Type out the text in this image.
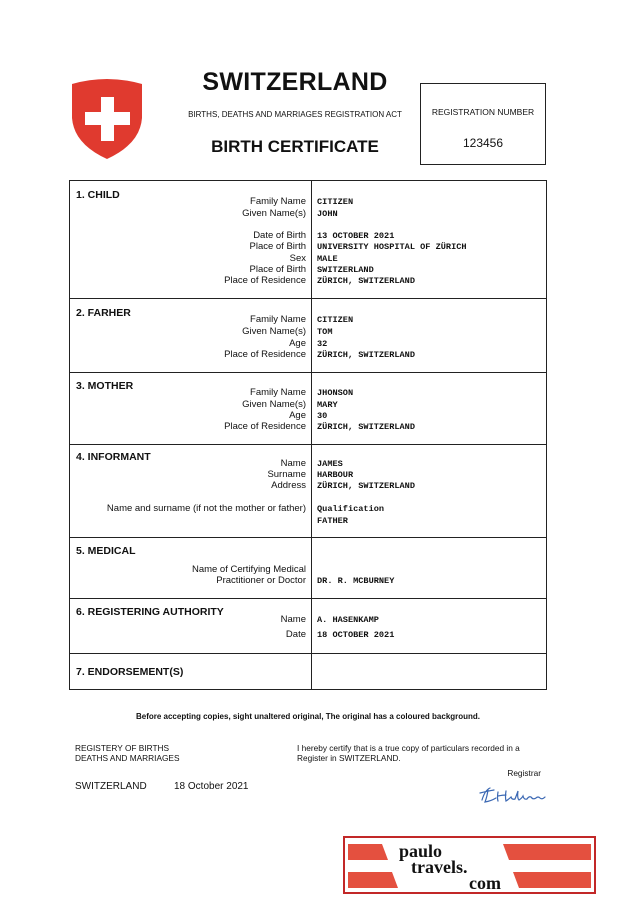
SWITZERLAND
BIRTHS, DEATHS AND MARRIAGES REGISTRATION ACT
BIRTH CERTIFICATE
REGISTRATION NUMBER
123456
1. CHILD
Family Name CITIZEN
Given Name(s) JOHN
Date of Birth 13 OCTOBER 2021
Place of Birth UNIVERSITY HOSPITAL OF ZÜRICH
Sex MALE
Place of Birth SWITZERLAND
Place of Residence ZÜRICH, SWITZERLAND
2. FARHER
Family Name CITIZEN
Given Name(s) TOM
Age 32
Place of Residence ZÜRICH, SWITZERLAND
3. MOTHER
Family Name JHONSON
Given Name(s) MARY
Age 30
Place of Residence ZÜRICH, SWITZERLAND
4. INFORMANT
Name JAMES
Surname HARBOUR
Address ZÜRICH, SWITZERLAND
Name and surname (if not the mother or father) Qualification
FATHER
5. MEDICAL
Name of Certifying Medical
Practitioner or Doctor DR. R. MCBURNEY
6. REGISTERING AUTHORITY
Name A. HASENKAMP
Date 18 OCTOBER 2021
7. ENDORSEMENT(S)
Before accepting copies, sight unaltered original, The original has a coloured background.
REGISTERY OF BIRTHS
DEATHS AND MARRIAGES
I hereby certify that is a true copy of particulars recorded in a
Register in SWITZERLAND.
Registrar
SWITZERLAND	18 October 2021
paulo
travels.
com
